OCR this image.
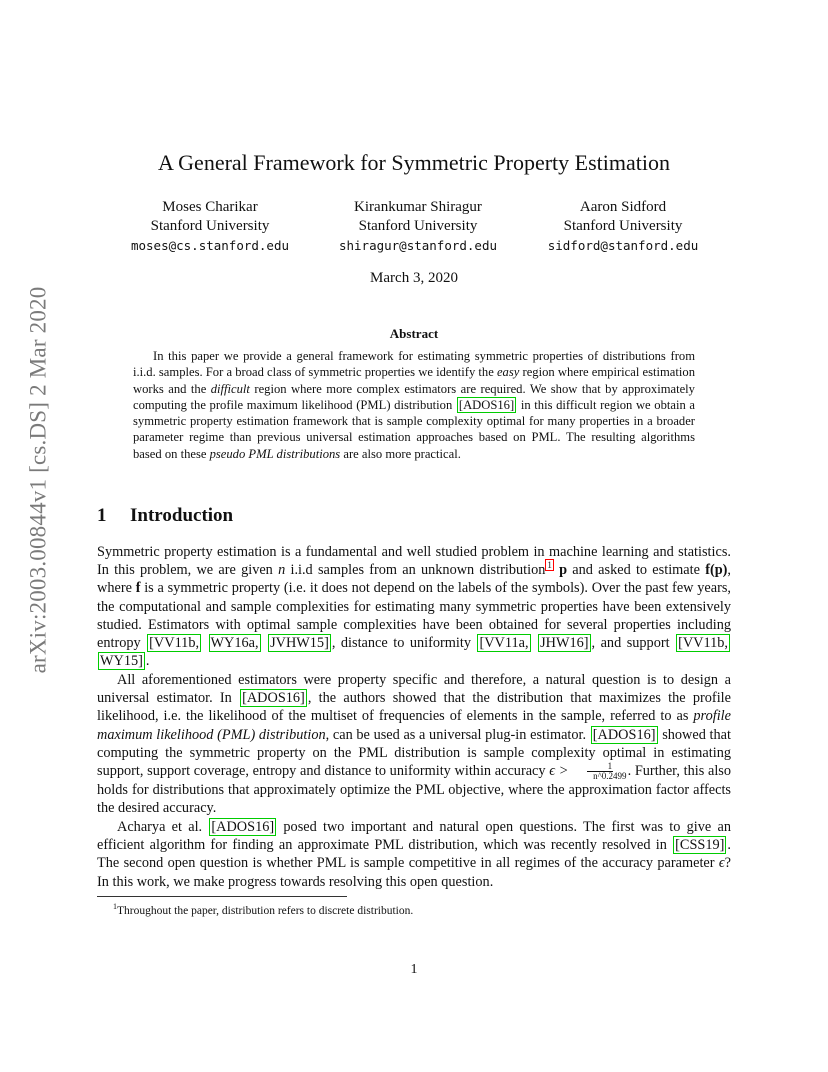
arXiv:2003.00844v1 [cs.DS] 2 Mar 2020
A General Framework for Symmetric Property Estimation
Moses Charikar
Stanford University
moses@cs.stanford.edu
Kirankumar Shiragur
Stanford University
shiragur@stanford.edu
Aaron Sidford
Stanford University
sidford@stanford.edu
March 3, 2020
Abstract

In this paper we provide a general framework for estimating symmetric properties of distributions from i.i.d. samples. For a broad class of symmetric properties we identify the easy region where empirical estimation works and the difficult region where more complex estimators are required. We show that by approximately computing the profile maximum likelihood (PML) distribution [ADOS16] in this difficult region we obtain a symmetric property estimation framework that is sample complexity optimal for many properties in a broader parameter regime than previous universal estimation approaches based on PML. The resulting algorithms based on these pseudo PML distributions are also more practical.

1 Introduction

Symmetric property estimation is a fundamental and well studied problem in machine learning and statistics. In this problem, we are given n i.i.d samples from an unknown distribution $^1$ p and asked to estimate f(p), where f is a symmetric property (i.e. it does not depend on the labels of the symbols). Over the past few years, the computational and sample complexities for estimating many symmetric properties have been extensively studied. Estimators with optimal sample complexities have been obtained for several properties including entropy [VV11b, WY16a, JVHW15] , distance to uniformity [VV11a, JHW16] , and support [VV11b, WY15] .

All aforementioned estimators were property specific and therefore, a natural question is to design a universal estimator. In [ADOS16] , the authors showed that the distribution that maximizes the profile likelihood, i.e. the likelihood of the multiset of frequencies of elements in the sample, referred to as profile maximum likelihood (PML) distribution, can be used as a universal plug-in estimator. [ADOS16] showed that computing the symmetric property on the PML distribution is sample complexity optimal in estimating support, support coverage, entropy and distance to uniformity within accuracy $\epsilon > \frac{1}{n\^{}0.2499}$ . Further, this also holds for distributions that approximately optimize the PML objective, where the approximation factor affects the desired accuracy.

Acharya et al. [ADOS16] posed two important and natural open questions. The first was to give an efficient algorithm for finding an approximate PML distribution, which was recently resolved in [CSS19] . The second open question is whether PML is sample competitive in all regimes of the accuracy parameter ϵ? In this work, we make progress towards resolving this open question.

$^1$Throughout the paper, distribution refers to discrete distribution.

1
